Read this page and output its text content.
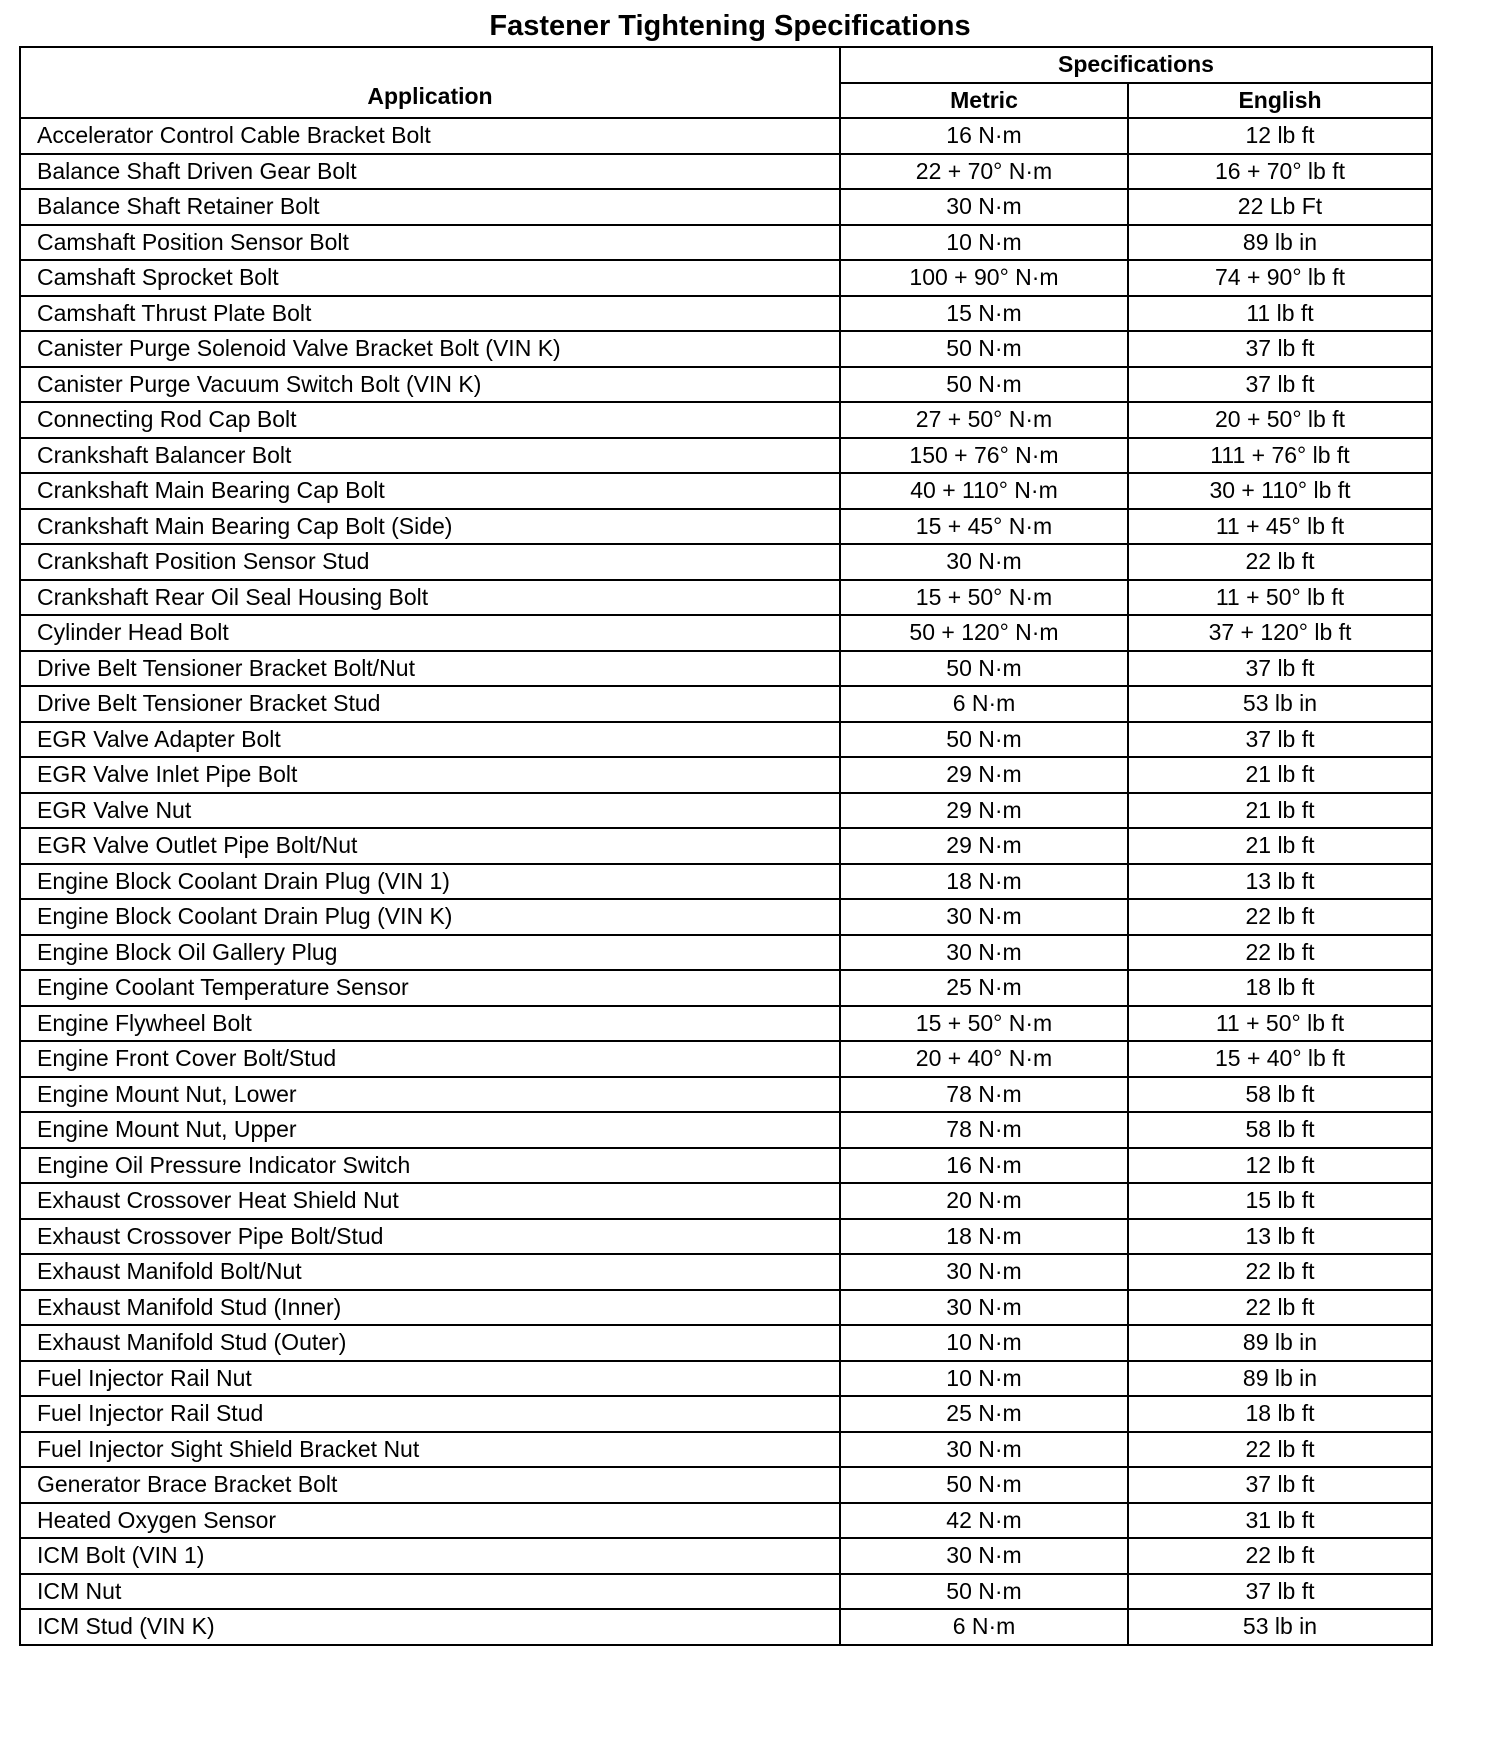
Fastener Tightening Specifications
Application	Specifications	
	Metric	English
Accelerator Control Cable Bracket Bolt	16 N·m	12 lb ft
Balance Shaft Driven Gear Bolt	22 + 70° N·m	16 + 70° lb ft
Balance Shaft Retainer Bolt	30 N·m	22 Lb Ft
Camshaft Position Sensor Bolt	10 N·m	89 lb in
Camshaft Sprocket Bolt	100 + 90° N·m	74 + 90° lb ft
Camshaft Thrust Plate Bolt	15 N·m	11 lb ft
Canister Purge Solenoid Valve Bracket Bolt (VIN K)	50 N·m	37 lb ft
Canister Purge Vacuum Switch Bolt (VIN K)	50 N·m	37 lb ft
Connecting Rod Cap Bolt	27 + 50° N·m	20 + 50° lb ft
Crankshaft Balancer Bolt	150 + 76° N·m	111 + 76° lb ft
Crankshaft Main Bearing Cap Bolt	40 + 110° N·m	30 + 110° lb ft
Crankshaft Main Bearing Cap Bolt (Side)	15 + 45° N·m	11 + 45° lb ft
Crankshaft Position Sensor Stud	30 N·m	22 lb ft
Crankshaft Rear Oil Seal Housing Bolt	15 + 50° N·m	11 + 50° lb ft
Cylinder Head Bolt	50 + 120° N·m	37 + 120° lb ft
Drive Belt Tensioner Bracket Bolt/Nut	50 N·m	37 lb ft
Drive Belt Tensioner Bracket Stud	6 N·m	53 lb in
EGR Valve Adapter Bolt	50 N·m	37 lb ft
EGR Valve Inlet Pipe Bolt	29 N·m	21 lb ft
EGR Valve Nut	29 N·m	21 lb ft
EGR Valve Outlet Pipe Bolt/Nut	29 N·m	21 lb ft
Engine Block Coolant Drain Plug (VIN 1)	18 N·m	13 lb ft
Engine Block Coolant Drain Plug (VIN K)	30 N·m	22 lb ft
Engine Block Oil Gallery Plug	30 N·m	22 lb ft
Engine Coolant Temperature Sensor	25 N·m	18 lb ft
Engine Flywheel Bolt	15 + 50° N·m	11 + 50° lb ft
Engine Front Cover Bolt/Stud	20 + 40° N·m	15 + 40° lb ft
Engine Mount Nut, Lower	78 N·m	58 lb ft
Engine Mount Nut, Upper	78 N·m	58 lb ft
Engine Oil Pressure Indicator Switch	16 N·m	12 lb ft
Exhaust Crossover Heat Shield Nut	20 N·m	15 lb ft
Exhaust Crossover Pipe Bolt/Stud	18 N·m	13 lb ft
Exhaust Manifold Bolt/Nut	30 N·m	22 lb ft
Exhaust Manifold Stud (Inner)	30 N·m	22 lb ft
Exhaust Manifold Stud (Outer)	10 N·m	89 lb in
Fuel Injector Rail Nut	10 N·m	89 lb in
Fuel Injector Rail Stud	25 N·m	18 lb ft
Fuel Injector Sight Shield Bracket Nut	30 N·m	22 lb ft
Generator Brace Bracket Bolt	50 N·m	37 lb ft
Heated Oxygen Sensor	42 N·m	31 lb ft
ICM Bolt (VIN 1)	30 N·m	22 lb ft
ICM Nut	50 N·m	37 lb ft
ICM Stud (VIN K)	6 N·m	53 lb in
